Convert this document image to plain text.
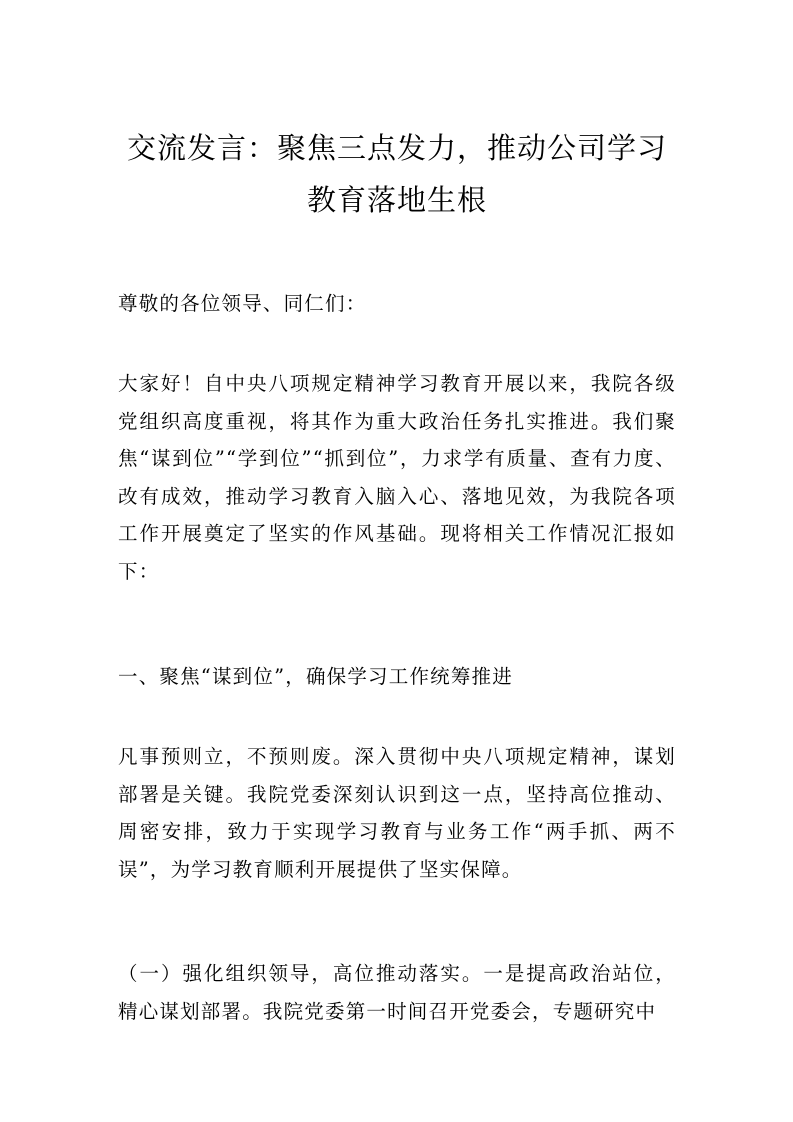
交流发言：聚焦三点发力，推动公司学习教育落地生根

尊敬的各位领导、同仁们：

大家好！自中央八项规定精神学习教育开展以来，我院各级党组织高度重视，将其作为重大政治任务扎实推进。我们聚焦“谋到位”“学到位”“抓到位”，力求学有质量、查有力度、改有成效，推动学习教育入脑入心、落地见效，为我院各项工作开展奠定了坚实的作风基础。现将相关工作情况汇报如下：

一、聚焦“谋到位”，确保学习工作统筹推进

凡事预则立，不预则废。深入贯彻中央八项规定精神，谋划部署是关键。我院党委深刻认识到这一点，坚持高位推动、周密安排，致力于实现学习教育与业务工作“两手抓、两不误”，为学习教育顺利开展提供了坚实保障。

（一）强化组织领导，高位推动落实。一是提高政治站位，精心谋划部署。我院党委第一时间召开党委会，专题研究中
